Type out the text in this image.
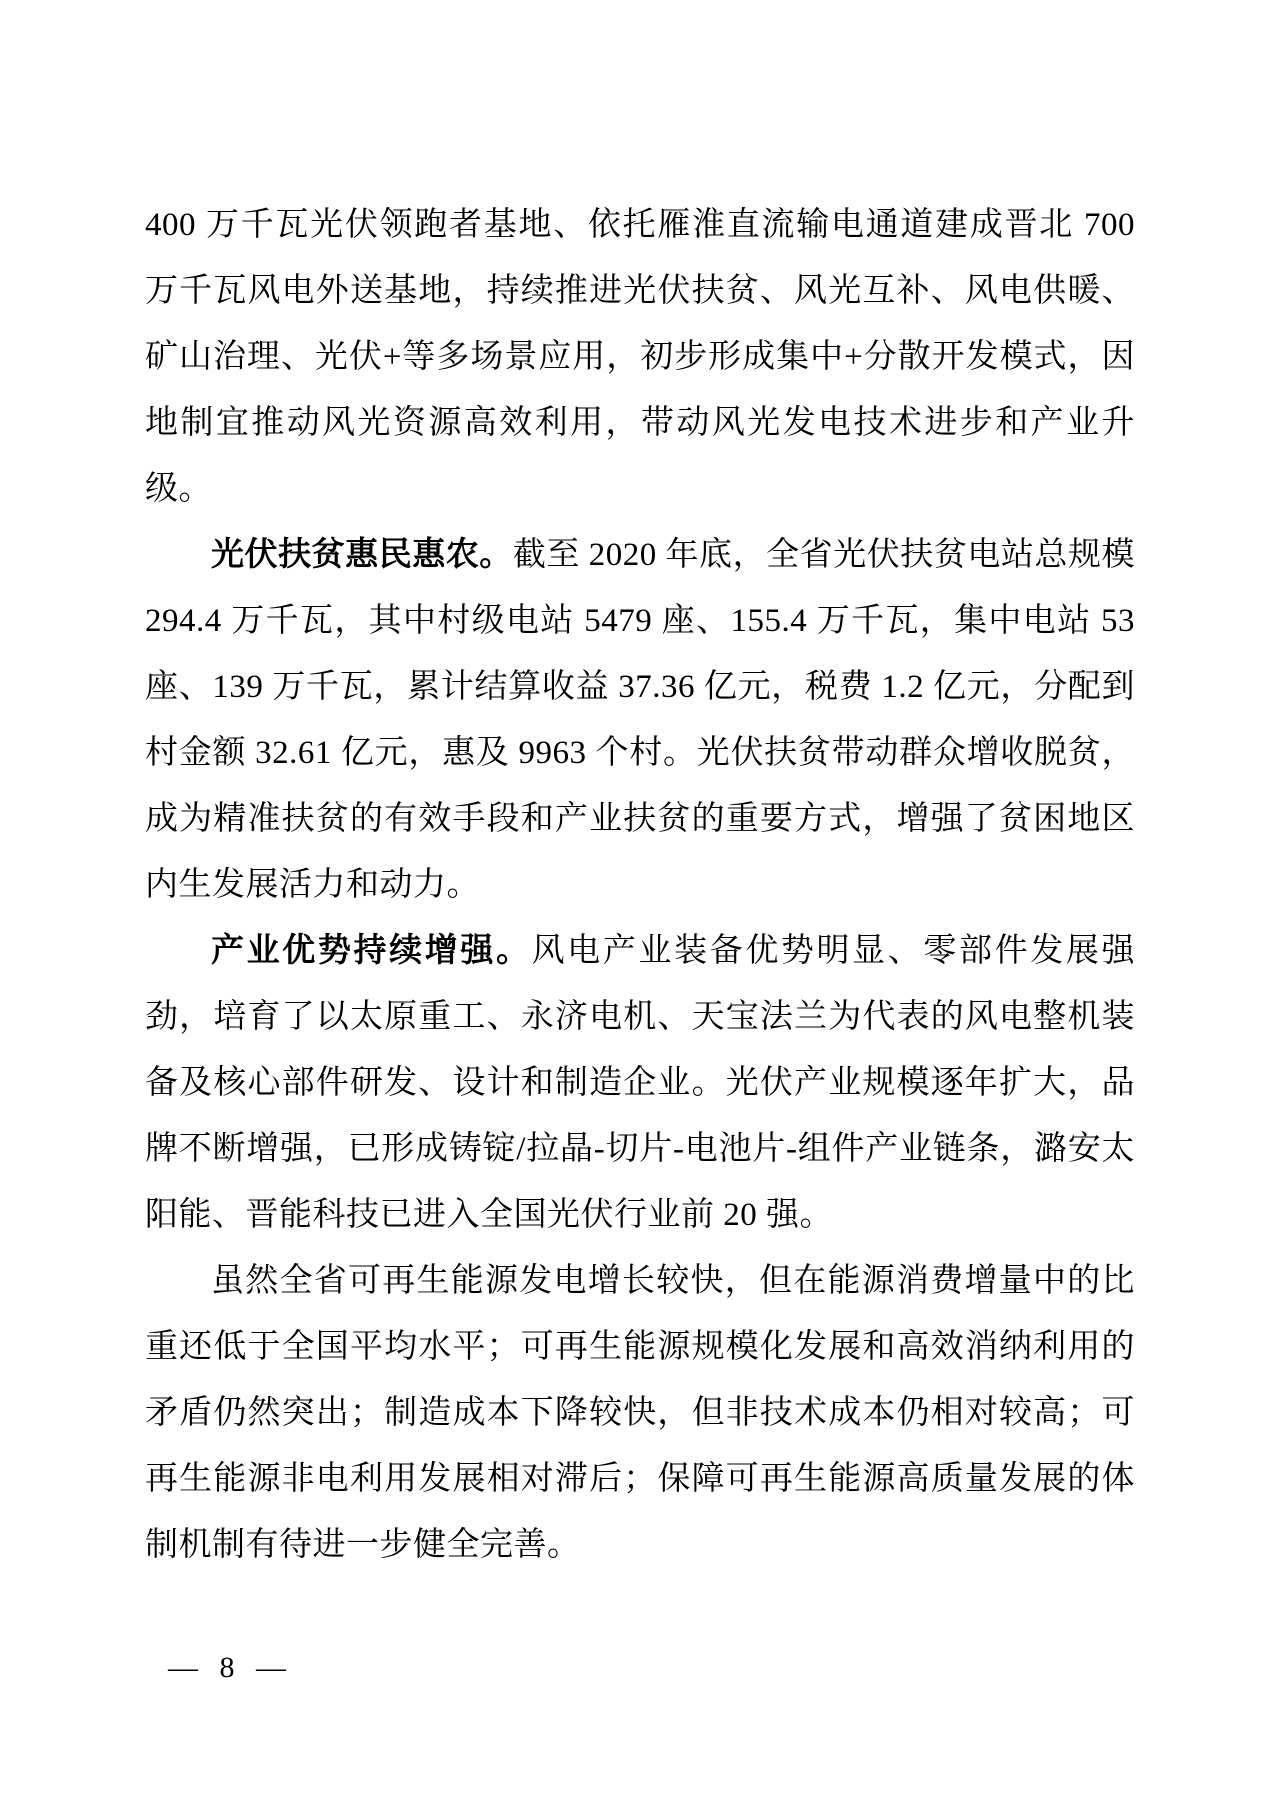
400 万千瓦光伏领跑者基地、依托雁淮直流输电通道建成晋北 700 万千瓦风电外送基地，持续推进光伏扶贫、风光互补、风电供暖、矿山治理、光伏+等多场景应用，初步形成集中+分散开发模式，因地制宜推动风光资源高效利用，带动风光发电技术进步和产业升级。

光伏扶贫惠民惠农。截至 2020 年底，全省光伏扶贫电站总规模 294.4 万千瓦，其中村级电站 5479 座、155.4 万千瓦，集中电站 53 座、139 万千瓦，累计结算收益 37.36 亿元，税费 1.2 亿元，分配到村金额 32.61 亿元，惠及 9963 个村。光伏扶贫带动群众增收脱贫，成为精准扶贫的有效手段和产业扶贫的重要方式，增强了贫困地区内生发展活力和动力。

产业优势持续增强。风电产业装备优势明显、零部件发展强劲，培育了以太原重工、永济电机、天宝法兰为代表的风电整机装备及核心部件研发、设计和制造企业。光伏产业规模逐年扩大，品牌不断增强，已形成铸锭/拉晶-切片-电池片-组件产业链条，潞安太阳能、晋能科技已进入全国光伏行业前 20 强。

虽然全省可再生能源发电增长较快，但在能源消费增量中的比重还低于全国平均水平；可再生能源规模化发展和高效消纳利用的矛盾仍然突出；制造成本下降较快，但非技术成本仍相对较高；可再生能源非电利用发展相对滞后；保障可再生能源高质量发展的体制机制有待进一步健全完善。

— 8 —
